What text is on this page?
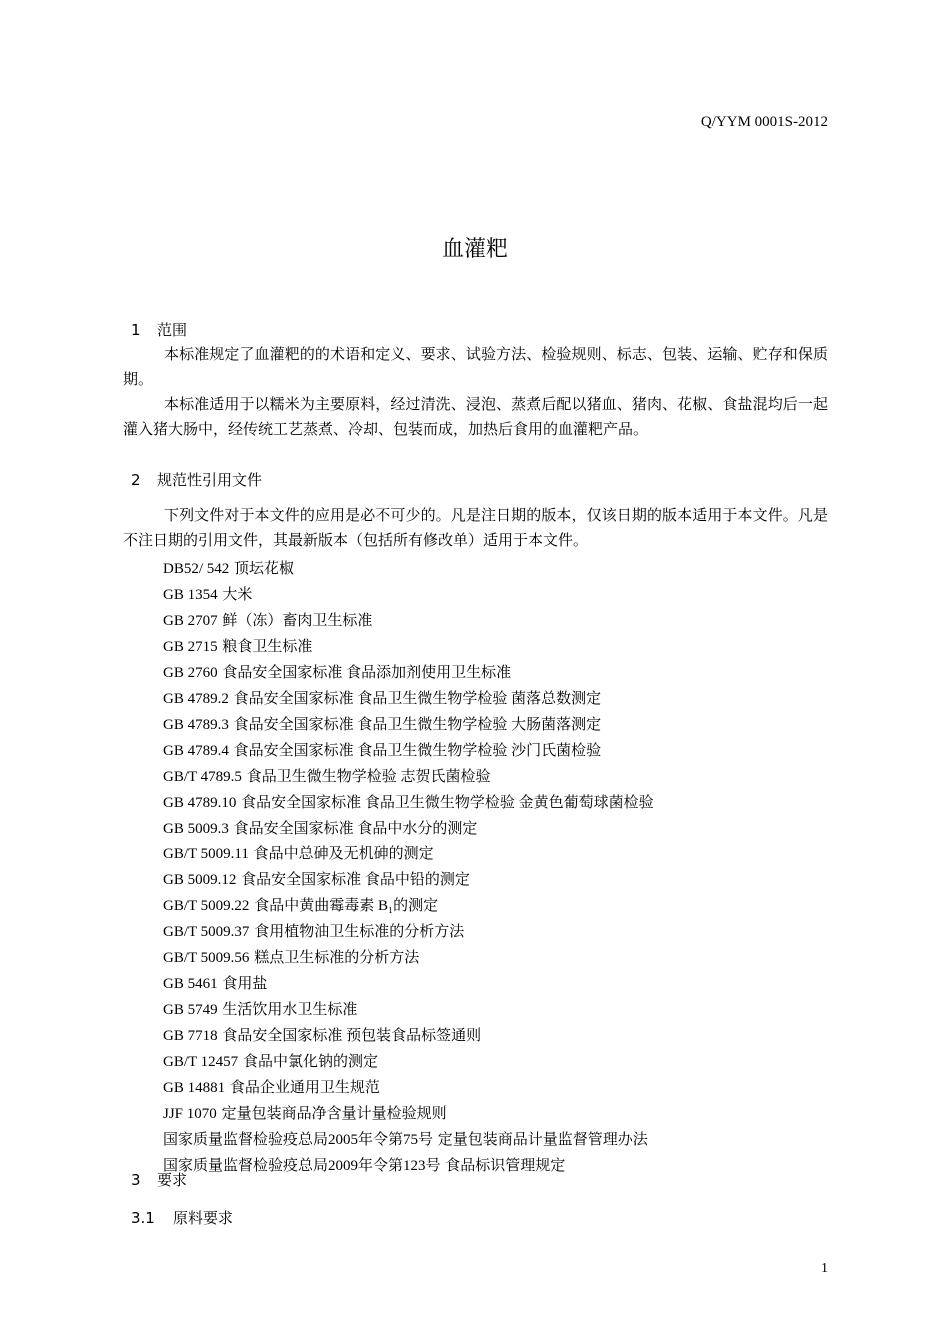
Q/YYM 0001S-2012
血灌粑
1 范围

本标准规定了血灌粑的的术语和定义、要求、试验方法、检验规则、标志、包装、运输、贮存和保质期。

本标准适用于以糯米为主要原料，经过清洗、浸泡、蒸煮后配以猪血、猪肉、花椒、食盐混均后一起灌入猪大肠中，经传统工艺蒸煮、冷却、包装而成，加热后食用的血灌粑产品。

2 规范性引用文件

下列文件对于本文件的应用是必不可少的。凡是注日期的版本，仅该日期的版本适用于本文件。凡是不注日期的引用文件，其最新版本（包括所有修改单）适用于本文件。

DB52/ 542 顶坛花椒
GB 1354 大米
GB 2707 鲜（冻）畜肉卫生标准
GB 2715 粮食卫生标准
GB 2760 食品安全国家标准 食品添加剂使用卫生标准
GB 4789.2 食品安全国家标准 食品卫生微生物学检验 菌落总数测定
GB 4789.3 食品安全国家标准 食品卫生微生物学检验 大肠菌落测定
GB 4789.4 食品安全国家标准 食品卫生微生物学检验 沙门氏菌检验
GB/T 4789.5 食品卫生微生物学检验 志贺氏菌检验
GB 4789.10 食品安全国家标准 食品卫生微生物学检验 金黄色葡萄球菌检验
GB 5009.3 食品安全国家标准 食品中水分的测定
GB/T 5009.11 食品中总砷及无机砷的测定
GB 5009.12 食品安全国家标准 食品中铅的测定
GB/T 5009.22 食品中黄曲霉毒素 B₁的测定
GB/T 5009.37 食用植物油卫生标准的分析方法
GB/T 5009.56 糕点卫生标准的分析方法
GB 5461 食用盐
GB 5749 生活饮用水卫生标准
GB 7718 食品安全国家标准 预包装食品标签通则
GB/T 12457 食品中氯化钠的测定
GB 14881 食品企业通用卫生规范
JJF 1070 定量包装商品净含量计量检验规则
国家质量监督检验疫总局2005年令第75号 定量包装商品计量监督管理办法
国家质量监督检验疫总局2009年令第123号 食品标识管理规定
3 要求
3.1 原料要求
1
